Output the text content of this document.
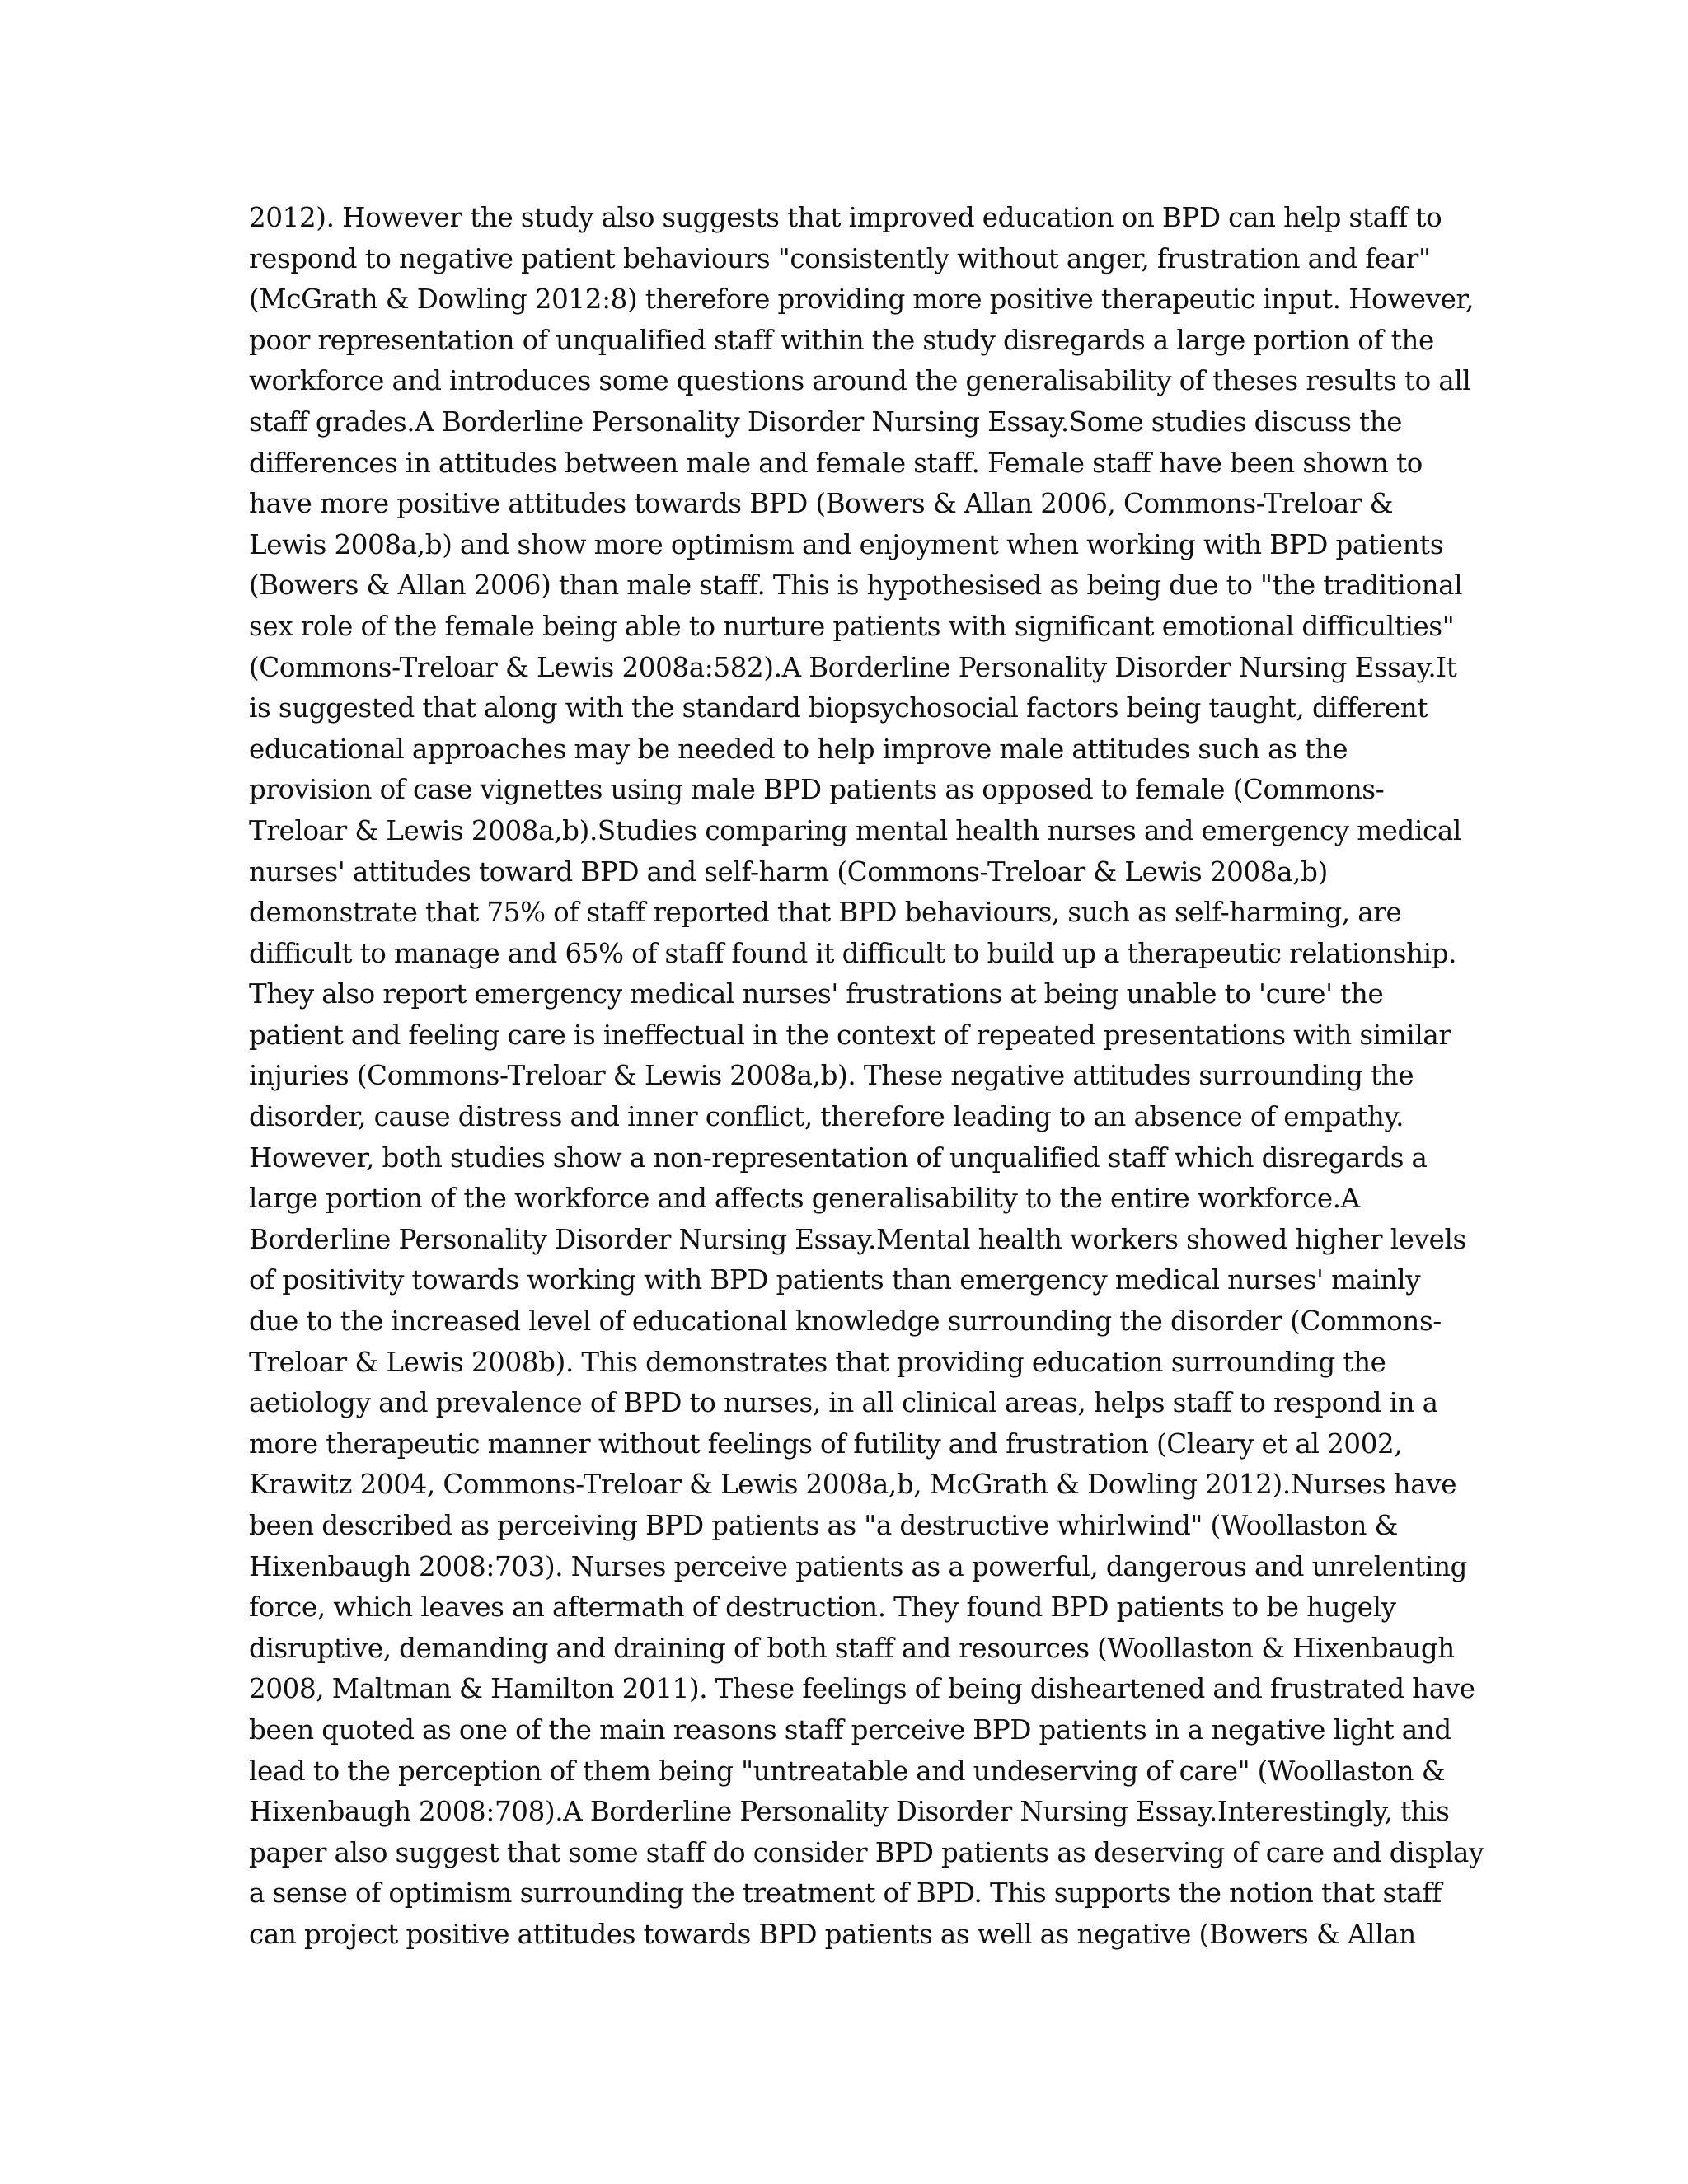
2012). However the study also suggests that improved education on BPD can help staff to
respond to negative patient behaviours "consistently without anger, frustration and fear"
(McGrath & Dowling 2012:8) therefore providing more positive therapeutic input. However,
poor representation of unqualified staff within the study disregards a large portion of the
workforce and introduces some questions around the generalisability of theses results to all
staff grades.A Borderline Personality Disorder Nursing Essay.Some studies discuss the
differences in attitudes between male and female staff. Female staff have been shown to
have more positive attitudes towards BPD (Bowers & Allan 2006, Commons-Treloar &
Lewis 2008a,b) and show more optimism and enjoyment when working with BPD patients
(Bowers & Allan 2006) than male staff. This is hypothesised as being due to "the traditional
sex role of the female being able to nurture patients with significant emotional difficulties"
(Commons-Treloar & Lewis 2008a:582).A Borderline Personality Disorder Nursing Essay.It
is suggested that along with the standard biopsychosocial factors being taught, different
educational approaches may be needed to help improve male attitudes such as the
provision of case vignettes using male BPD patients as opposed to female (Commons-
Treloar & Lewis 2008a,b).Studies comparing mental health nurses and emergency medical
nurses' attitudes toward BPD and self-harm (Commons-Treloar & Lewis 2008a,b)
demonstrate that 75% of staff reported that BPD behaviours, such as self-harming, are
difficult to manage and 65% of staff found it difficult to build up a therapeutic relationship.
They also report emergency medical nurses' frustrations at being unable to 'cure' the
patient and feeling care is ineffectual in the context of repeated presentations with similar
injuries (Commons-Treloar & Lewis 2008a,b). These negative attitudes surrounding the
disorder, cause distress and inner conflict, therefore leading to an absence of empathy.
However, both studies show a non-representation of unqualified staff which disregards a
large portion of the workforce and affects generalisability to the entire workforce.A
Borderline Personality Disorder Nursing Essay.Mental health workers showed higher levels
of positivity towards working with BPD patients than emergency medical nurses' mainly
due to the increased level of educational knowledge surrounding the disorder (Commons-
Treloar & Lewis 2008b). This demonstrates that providing education surrounding the
aetiology and prevalence of BPD to nurses, in all clinical areas, helps staff to respond in a
more therapeutic manner without feelings of futility and frustration (Cleary et al 2002,
Krawitz 2004, Commons-Treloar & Lewis 2008a,b, McGrath & Dowling 2012).Nurses have
been described as perceiving BPD patients as "a destructive whirlwind" (Woollaston &
Hixenbaugh 2008:703). Nurses perceive patients as a powerful, dangerous and unrelenting
force, which leaves an aftermath of destruction. They found BPD patients to be hugely
disruptive, demanding and draining of both staff and resources (Woollaston & Hixenbaugh
2008, Maltman & Hamilton 2011). These feelings of being disheartened and frustrated have
been quoted as one of the main reasons staff perceive BPD patients in a negative light and
lead to the perception of them being "untreatable and undeserving of care" (Woollaston &
Hixenbaugh 2008:708).A Borderline Personality Disorder Nursing Essay.Interestingly, this
paper also suggest that some staff do consider BPD patients as deserving of care and display
a sense of optimism surrounding the treatment of BPD. This supports the notion that staff
can project positive attitudes towards BPD patients as well as negative (Bowers & Allan
